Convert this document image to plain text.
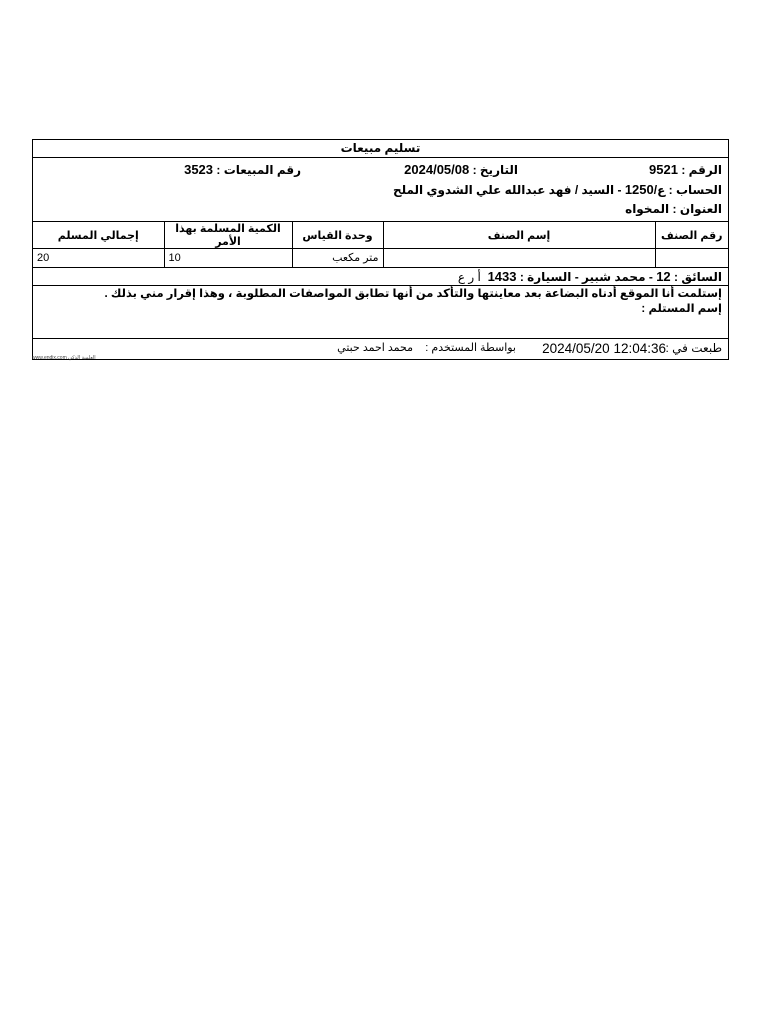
تسليم مبيعات
الرقم : 9521
التاريخ : 2024/05/08
رقم المبيعات : 3523
الحساب : ع/1250 - السيد / فهد عبدالله علي الشدوي الملح
العنوان : المخواه
رقم الصنف	إسم الصنف	وحدة القياس	الكمية المسلمة بهذا الأمر	إجمالي المسلم
		متر مكعب	10	20
السائق : 12 - محمد شبير - السيارة : 1433  أ ر ع
إستلمت أنا الموقع أدناه البضاعة بعد معاينتها والتأكد من أنها تطابق المواصفات المطلوبة ، وهذا إقرار مني بذلك .
إسم المستلم :
طبعت في :
2024/05/20 12:04:36
بواسطة المستخدم :
محمد احمد حبتي
العلمية الذكي www.endix.com
